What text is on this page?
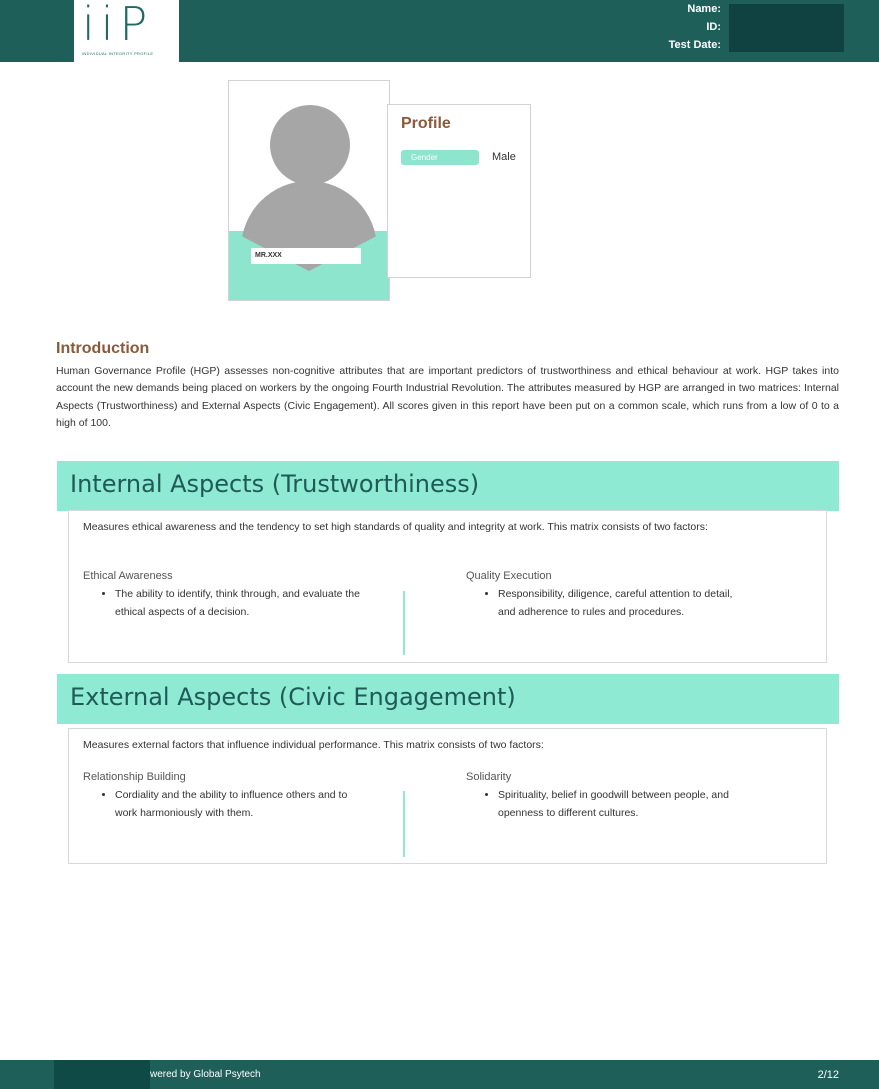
iiP
INDIVIDUAL INTEGRITY PROFILE
Name:
ID:
Test Date:
MR.XXX
Profile
Gender	Male
Introduction

Human Governance Profile (HGP) assesses non-cognitive attributes that are important predictors of trustworthiness and ethical behaviour at work. HGP takes into account the new demands being placed on workers by the ongoing Fourth Industrial Revolution. The attributes measured by HGP are arranged in two matrices: Internal Aspects (Trustworthiness) and External Aspects (Civic Engagement). All scores given in this report have been put on a common scale, which runs from a low of 0 to a high of 100.

Internal Aspects (Trustworthiness)

Measures ethical awareness and the tendency to set high standards of quality and integrity at work. This matrix consists of two factors:

Ethical Awareness
• The ability to identify, think through, and evaluate the ethical aspects of a decision.
Quality Execution
• Responsibility, diligence, careful attention to detail, and adherence to rules and procedures.
External Aspects (Civic Engagement)

Measures external factors that influence individual performance. This matrix consists of two factors:

Relationship Building
• Cordiality and the ability to influence others and to work harmoniously with them.
Solidarity
• Spirituality, belief in goodwill between people, and openness to different cultures.
wered by Global Psytech	2/12
